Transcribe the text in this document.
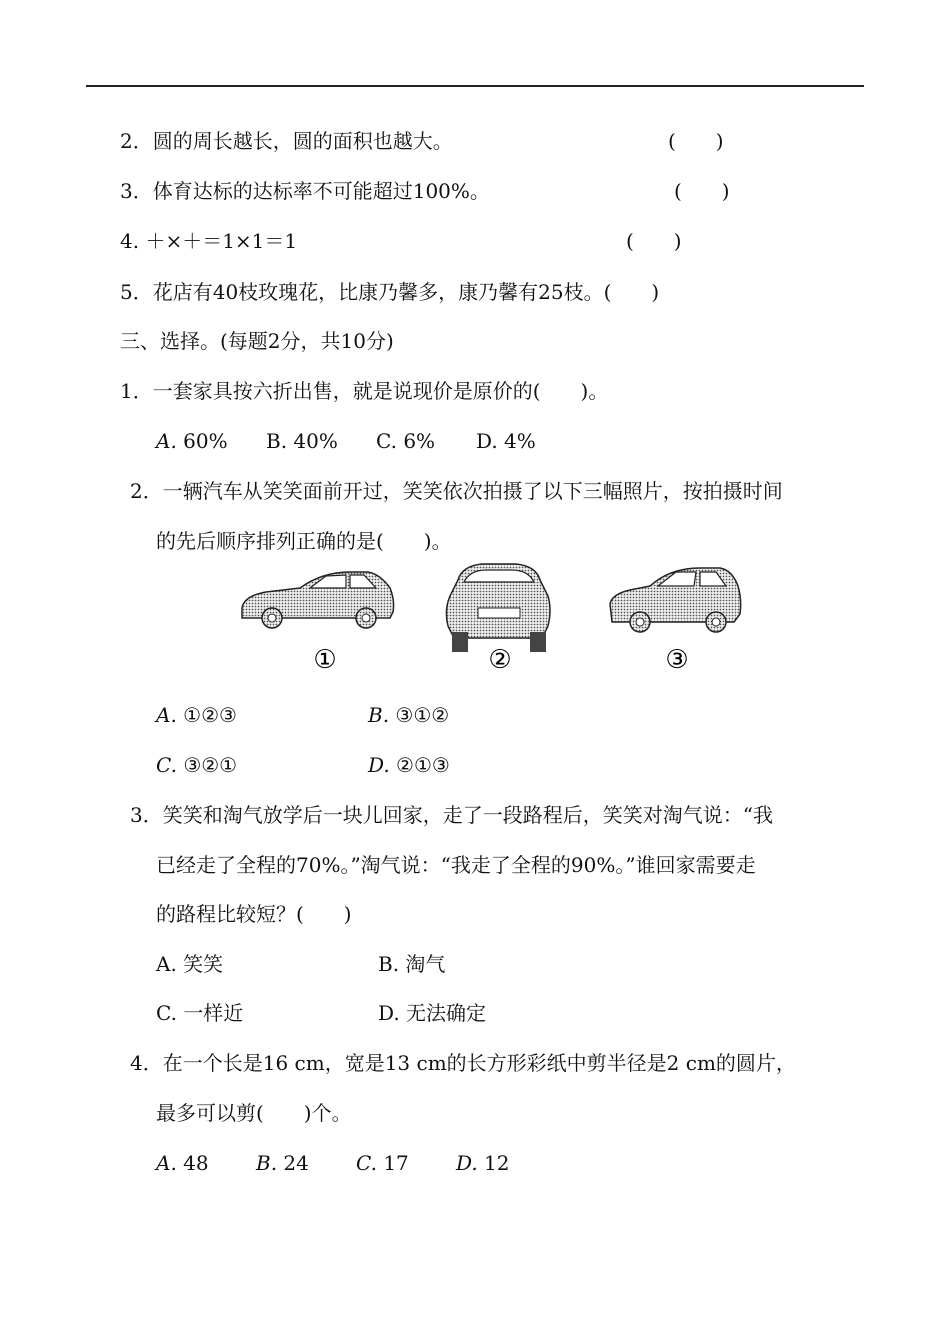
2．圆的周长越长，圆的面积也越大。	(　　)
3．体育达标的达标率不可能超过100%。	(　　)
4. ＋×＋＝1×1＝1	(　　)
5．花店有40枝玫瑰花，比康乃馨多，康乃馨有25枝。(　　)
三、选择。(每题2分，共10分)
1．一套家具按六折出售，就是说现价是原价的(　　)。
A. 60% B. 40% C. 6% D. 4%
2．一辆汽车从笑笑面前开过，笑笑依次拍摄了以下三幅照片，按拍摄时间
的先后顺序排列正确的是(　　)。
①	②	③
A. ①②③	B. ③①②
C. ③②①	D. ②①③
3．笑笑和淘气放学后一块儿回家，走了一段路程后，笑笑对淘气说：“我
已经走了全程的70%。”淘气说：“我走了全程的90%。”谁回家需要走
的路程比较短？(　　)
A. 笑笑	B. 淘气
C. 一样近	D. 无法确定
4．在一个长是16 cm，宽是13 cm的长方形彩纸中剪半径是2 cm的圆片，
最多可以剪(　　)个。
A. 48 B. 24 C. 17 D. 12
